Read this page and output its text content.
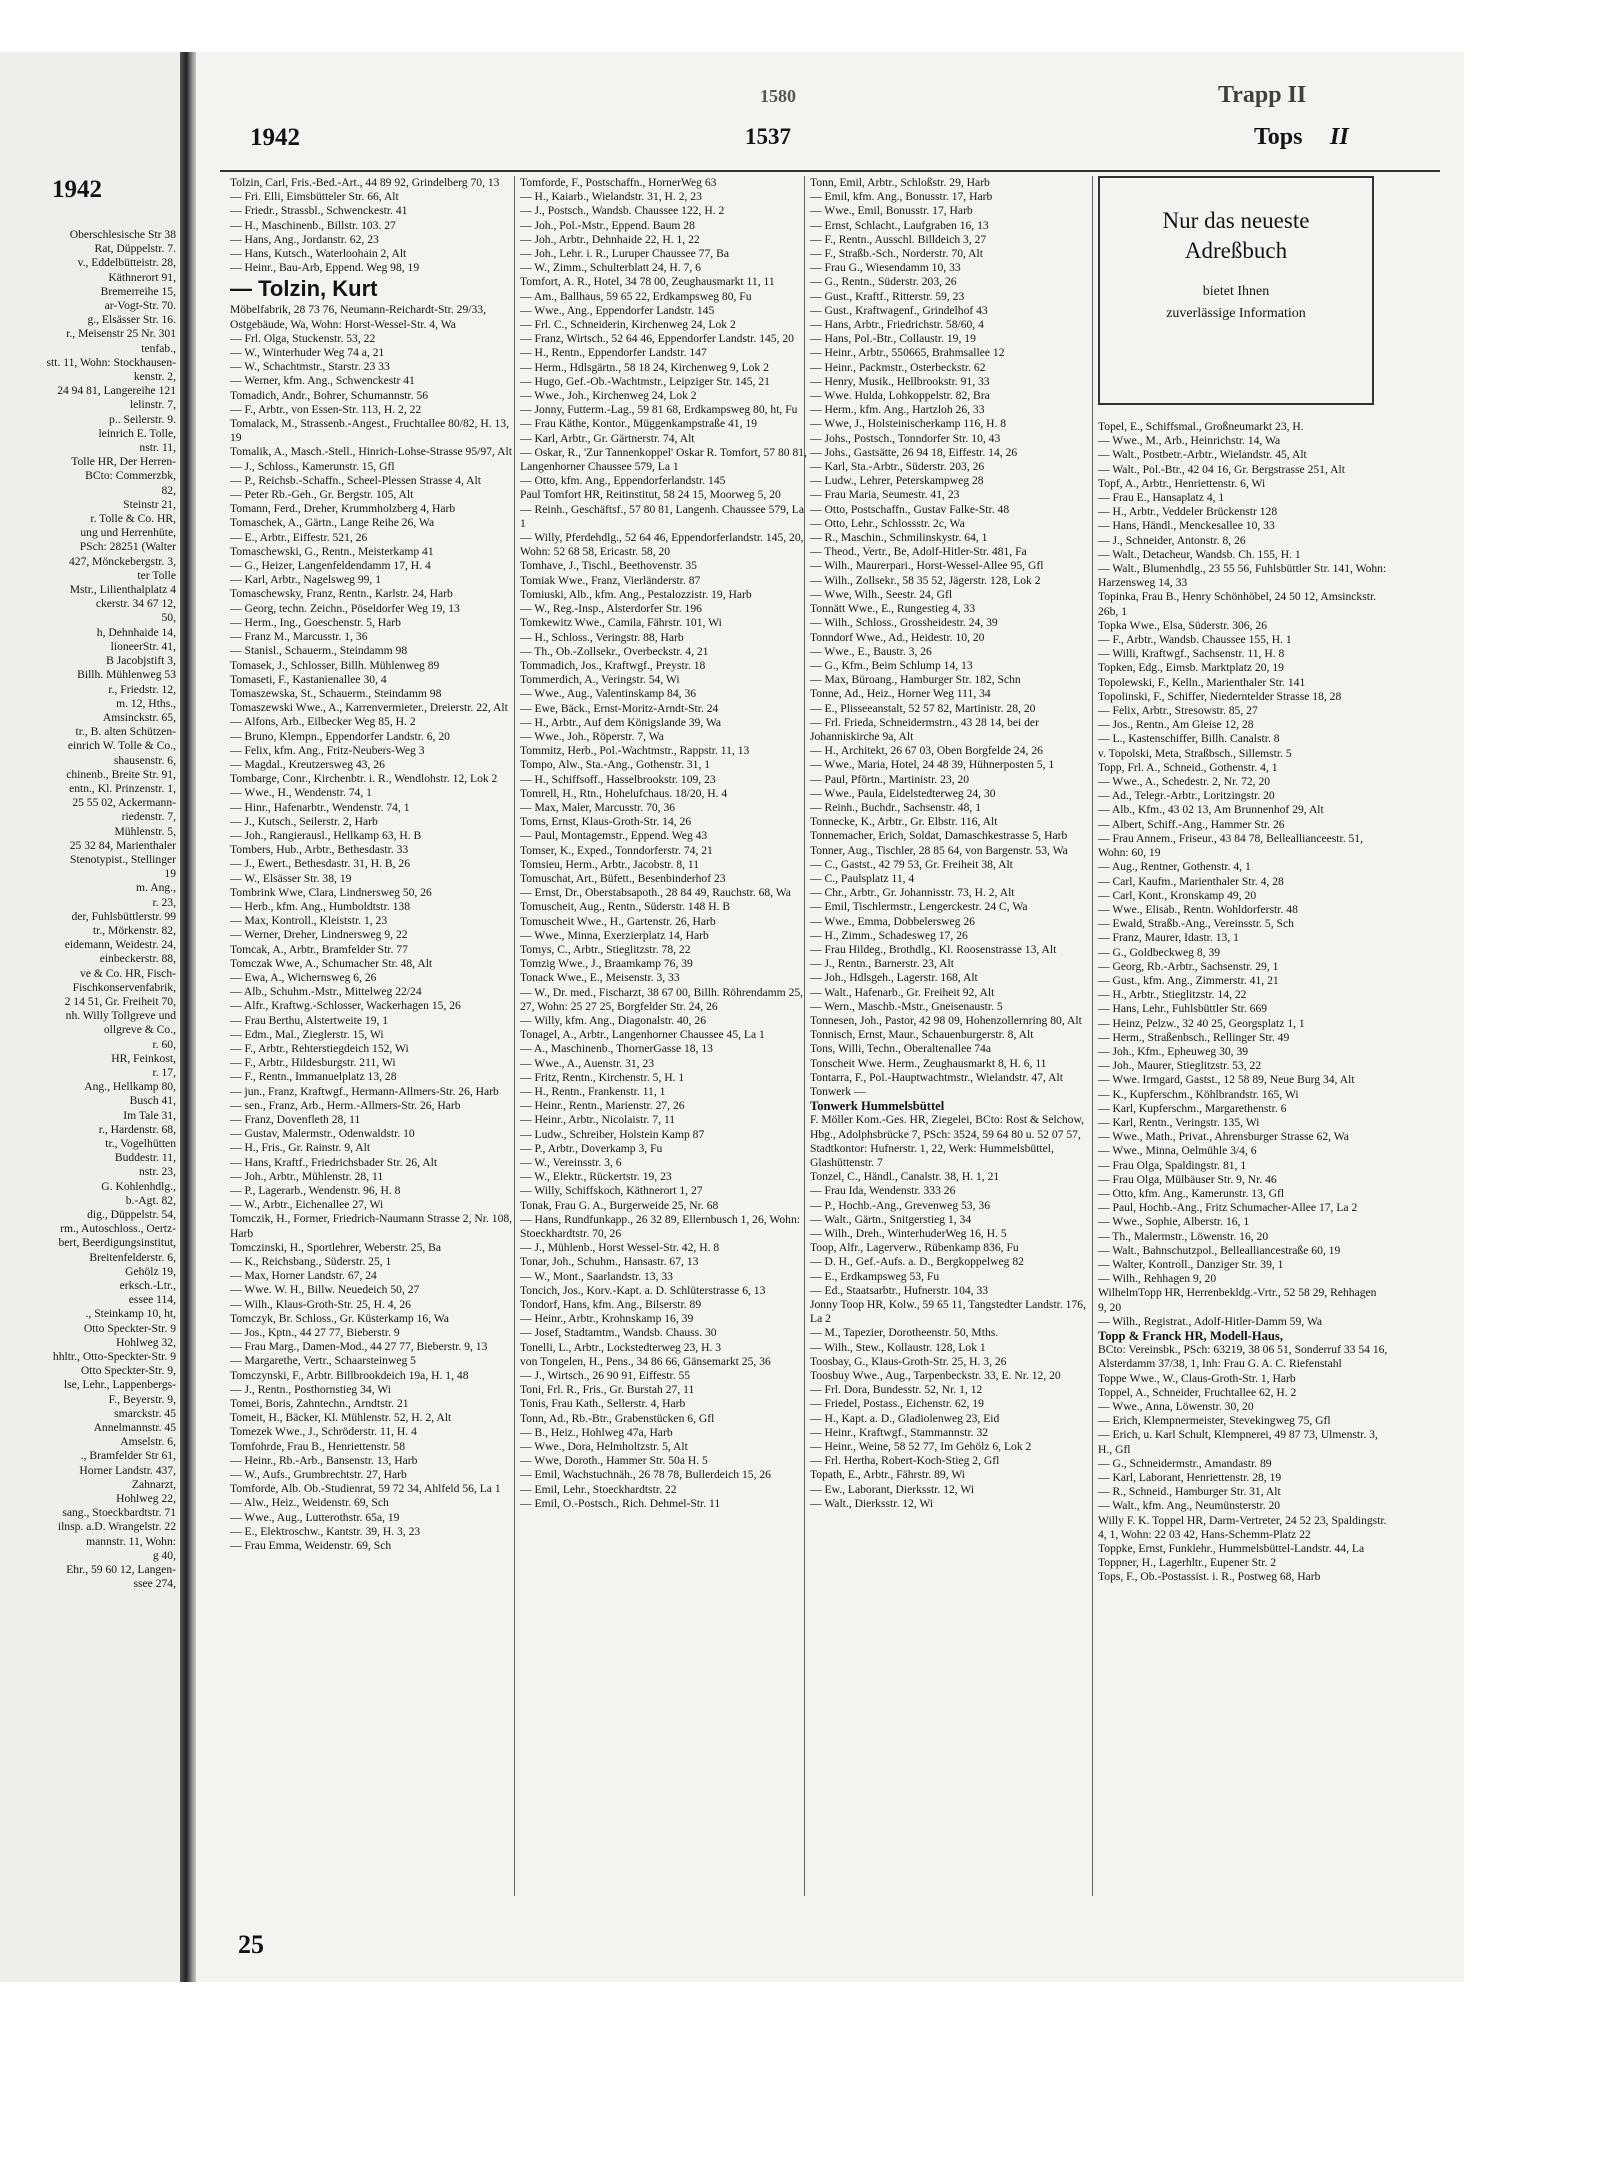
1942

Oberschlesische Str 38

Rat, Düppelstr. 7.

v., Eddelbütteistr. 28,

Käthnerort 91,

Bremerreihe 15,

ar-Vogt-Str. 70.

g., Elsässer Str. 16.

r., Meisenstr 25 Nr. 301

tenfab.,

stt. 11, Wohn: Stockhausen-

kenstr. 2,

24 94 81, Langereihe 121

lelinstr. 7,

p.. Seilerstr. 9.

leinrich E. Tolle,

nstr. 11,

Tolle HR, Der Herren-

BCto: Commerzbk,

82,

Steinstr 21,

r. Tolle & Co. HR,

ung und Herrenhüte,

PSch: 28251 (Walter

427, Mönckebergstr. 3,

ter Tolle

Mstr., Lilienthalplatz 4

ckerstr. 34 67 12,

50,

h, Dehnhaide 14,

lioneerStr. 41,

B Jacobjstift 3,

Billh. Mühlenweg 53

r., Friedstr. 12,

m. 12, Hths.,

Amsinckstr. 65,

tr., B. alten Schützen-

einrich W. Tolle & Co.,

shausenstr. 6,

chinenb., Breite Str. 91,

entn., Kl. Prinzenstr. 1,

25 55 02, Ackermann-

riedenstr. 7,

Mühlenstr. 5,

25 32 84, Marienthaler

Stenotypist., Stellinger

19

m. Ang.,

r. 23,

der, Fuhlsbüttlerstr. 99

tr., Mörkenstr. 82,

eidemann, Weidestr. 24,

einbeckerstr. 88,

ve & Co. HR, Fisch-

Fischkonservenfabrik,

2 14 51, Gr. Freiheit 70,

nh. Willy Tollgreve und

ollgreve & Co.,

r. 60,

HR, Feinkost,

r. 17,

Ang., Hellkamp 80,

Busch 41,

Im Tale 31,

r., Hardenstr. 68,

tr., Vogelhütten

Buddestr. 11,

nstr. 23,

G. Kohlenhdlg.,

b.-Agt. 82,

dig., Düppelstr. 54,

rm., Autoschloss., Oertz-

bert, Beerdigungsinstitut,

Breitenfelderstr. 6,

Gehölz 19,

erksch.-Ltr.,

essee 114,

., Steinkamp 10, ht,

Otto Speckter-Str. 9

Hohlweg 32,

hhltr., Otto-Speckter-Str. 9

Otto Speckter-Str. 9,

lse, Lehr., Lappenbergs-

F., Beyerstr. 9,

smarckstr. 45

Annelmannstr. 45

Amselstr. 6,

., Bramfelder Str 61,

Horner Landstr. 437,

Zahnarzt,

Hohlweg 22,

sang., Stoeckbardtstr. 71

ilnsp. a.D. Wrangelstr. 22

mannstr. 11, Wohn:

g 40,

Ehr., 59 60 12, Langen-

ssee 274,

1580	Trapp II
1942	1537	Tops II

Tolzin, Carl, Fris.-Bed.-Art., 44 89 92, Grindelberg 70, 13

— Fri. Elli, Eimsbütteler Str. 66, Alt

— Friedr., Strassbl., Schwenckestr. 41

— H., Maschinenb., Billstr. 103. 27

— Hans, Ang., Jordanstr. 62, 23

— Hans, Kutsch., Waterloohain 2, Alt

— Heinr., Bau-Arb, Eppend. Weg 98, 19

— Tolzin, Kurt

Möbelfabrik, 28 73 76, Neumann-Reichardt-Str. 29/33, Ostgebäude, Wa, Wohn: Horst-Wessel-Str. 4, Wa

— Frl. Olga, Stuckenstr. 53, 22

— W., Winterhuder Weg 74 a, 21

— W., Schachtmstr., Starstr. 23 33

— Werner, kfm. Ang., Schwenckestr 41

Tomadich, Andr., Bohrer, Schumannstr. 56

— F., Arbtr., von Essen-Str. 113, H. 2, 22

Tomalack, M., Strassenb.-Angest., Fruchtallee 80/82, H. 13, 19

Tomalik, A., Masch.-Stell., Hinrich-Lohse-Strasse 95/97, Alt

— J., Schloss., Kamerunstr. 15, Gfl

— P., Reichsb.-Schaffn., Scheel-Plessen Strasse 4, Alt

— Peter Rb.-Geh., Gr. Bergstr. 105, Alt

Tomann, Ferd., Dreher, Krummholzberg 4, Harb

Tomaschek, A., Gärtn., Lange Reihe 26, Wa

— E., Arbtr., Eiffestr. 521, 26

Tomaschewski, G., Rentn., Meisterkamp 41

— G., Heizer, Langenfeldendamm 17, H. 4

— Karl, Arbtr., Nagelsweg 99, 1

Tomaschewsky, Franz, Rentn., Karlstr. 24, Harb

— Georg, techn. Zeichn., Pöseldorfer Weg 19, 13

— Herm., Ing., Goeschenstr. 5, Harb

— Franz M., Marcusstr. 1, 36

— Stanisl., Schauerm., Steindamm 98

Tomasek, J., Schlosser, Billh. Mühlenweg 89

Tomaseti, F., Kastanienallee 30, 4

Tomaszewska, St., Schauerm., Steindamm 98

Tomaszewski Wwe., A., Karrenvermieter., Dreierstr. 22, Alt

— Alfons, Arb., Eilbecker Weg 85, H. 2

— Bruno, Klempn., Eppendorfer Landstr. 6, 20

— Felix, kfm. Ang., Fritz-Neubers-Weg 3

— Magdal., Kreutzersweg 43, 26

Tombarge, Conr., Kirchenbtr. i. R., Wendlohstr. 12, Lok 2

— Wwe., H., Wendenstr. 74, 1

— Hinr., Hafenarbtr., Wendenstr. 74, 1

— J., Kutsch., Seilerstr. 2, Harb

— Joh., Rangierausl., Hellkamp 63, H. B

Tombers, Hub., Arbtr., Bethesdastr. 33

— J., Ewert., Bethesdastr. 31, H. B, 26

— W., Elsässer Str. 38, 19

Tombrink Wwe, Clara, Lindnersweg 50, 26

— Herb., kfm. Ang., Humboldtstr. 138

— Max, Kontroll., Kleiststr. 1, 23

— Werner, Dreher, Lindnersweg 9, 22

Tomcak, A., Arbtr., Bramfelder Str. 77

Tomczak Wwe, A., Schumacher Str. 48, Alt

— Ewa, A., Wichernsweg 6, 26

— Alb., Schuhm.-Mstr., Mittelweg 22/24

— Alfr., Kraftwg.-Schlosser, Wackerhagen 15, 26

— Frau Berthu, Alstertweite 19, 1

— Edm., Mal., Zieglerstr. 15, Wi

— F., Arbtr., Rehterstiegdeich 152, Wi

— F., Arbtr., Hildesburgstr. 211, Wi

— F., Rentn., Immanuelplatz 13, 28

— jun., Franz, Kraftwgf., Hermann-Allmers-Str. 26, Harb

— sen., Franz, Arb., Herm.-Allmers-Str. 26, Harb

— Franz, Dovenfleth 28, 11

— Gustav, Malermstr., Odenwaldstr. 10

— H., Fris., Gr. Rainstr. 9, Alt

— Hans, Kraftf., Friedrichsbader Str. 26, Alt

— Joh., Arbtr., Mühlenstr. 28, 11

— P., Lagerarb., Wendenstr. 96, H. 8

— W., Arbtr., Eichenallee 27, Wi

Tomczik, H., Former, Friedrich-Naumann Strasse 2, Nr. 108, Harb

Tomczinski, H., Sportlehrer, Weberstr. 25, Ba

— K., Reichsbang., Süderstr. 25, 1

— Max, Horner Landstr. 67, 24

— Wwe. W. H., Billw. Neuedeich 50, 27

— Wilh., Klaus-Groth-Str. 25, H. 4, 26

Tomczyk, Br. Schloss., Gr. Küsterkamp 16, Wa

— Jos., Kptn., 44 27 77, Bieberstr. 9

— Frau Marg., Damen-Mod., 44 27 77, Bieberstr. 9, 13

— Margarethe, Vertr., Schaarsteinweg 5

Tomczynski, F., Arbtr. Billbrookdeich 19a, H. 1, 48

— J., Rentn., Posthornstieg 34, Wi

Tomei, Boris, Zahntechn., Arndtstr. 21

Tomeit, H., Bäcker, Kl. Mühlenstr. 52, H. 2, Alt

Tomezek Wwe., J., Schröderstr. 11, H. 4

Tomfohrde, Frau B., Henriettenstr. 58

— Heinr., Rb.-Arb., Bansenstr. 13, Harb

— W., Aufs., Grumbrechtstr. 27, Harb

Tomforde, Alb. Ob.-Studienrat, 59 72 34, Ahlfeld 56, La 1

— Alw., Heiz., Weidenstr. 69, Sch

— Wwe., Aug., Lutterothstr. 65a, 19

— E., Elektroschw., Kantstr. 39, H. 3, 23

— Frau Emma, Weidenstr. 69, Sch

Tomforde, F., Postschaffn., HornerWeg 63

— H., Kaiarb., Wielandstr. 31, H. 2, 23

— J., Postsch., Wandsb. Chaussee 122, H. 2

— Joh., Pol.-Mstr., Eppend. Baum 28

— Joh., Arbtr., Dehnhaide 22, H. 1, 22

— Joh., Lehr. i. R., Luruper Chaussee 77, Ba

— W., Zimm., Schulterblatt 24, H. 7, 6

Tomfort, A. R., Hotel, 34 78 00, Zeughausmarkt 11, 11

— Am., Ballhaus, 59 65 22, Erdkampsweg 80, Fu

— Wwe., Ang., Eppendorfer Landstr. 145

— Frl. C., Schneiderin, Kirchenweg 24, Lok 2

— Franz, Wirtsch., 52 64 46, Eppendorfer Landstr. 145, 20

— H., Rentn., Eppendorfer Landstr. 147

— Herm., Hdlsgärtn., 58 18 24, Kirchenweg 9, Lok 2

— Hugo, Gef.-Ob.-Wachtmstr., Leipziger Str. 145, 21

— Wwe., Joh., Kirchenweg 24, Lok 2

— Jonny, Futterm.-Lag., 59 81 68, Erdkampsweg 80, ht, Fu

— Frau Käthe, Kontor., Müggenkampstraße 41, 19

— Karl, Arbtr., Gr. Gärtnerstr. 74, Alt

— Oskar, R., 'Zur Tannenkoppel' Oskar R. Tomfort, 57 80 81, Langenhorner Chaussee 579, La 1

— Otto, kfm. Ang., Eppendorferlandstr. 145

Paul Tomfort HR, Reitinstitut, 58 24 15, Moorweg 5, 20

— Reinh., Geschäftsf., 57 80 81, Langenh. Chaussee 579, La 1

— Willy, Pferdehdlg., 52 64 46, Eppendorferlandstr. 145, 20, Wohn: 52 68 58, Ericastr. 58, 20

Tomhave, J., Tischl., Beethovenstr. 35

Tomiak Wwe., Franz, Vierländerstr. 87

Tomiuski, Alb., kfm. Ang., Pestalozzistr. 19, Harb

— W., Reg.-Insp., Alsterdorfer Str. 196

Tomkewitz Wwe., Camila, Fährstr. 101, Wi

— H., Schloss., Veringstr. 88, Harb

— Th., Ob.-Zollsekr., Overbeckstr. 4, 21

Tommadich, Jos., Kraftwgf., Preystr. 18

Tommerdich, A., Veringstr. 54, Wi

— Wwe., Aug., Valentinskamp 84, 36

— Ewe, Bäck., Ernst-Moritz-Arndt-Str. 24

— H., Arbtr., Auf dem Königslande 39, Wa

— Wwe., Joh., Röperstr. 7, Wa

Tommitz, Herb., Pol.-Wachtmstr., Rappstr. 11, 13

Tompo, Alw., Sta.-Ang., Gothenstr. 31, 1

— H., Schiffsoff., Hasselbrookstr. 109, 23

Tomrell, H., Rtn., Hohelufchaus. 18/20, H. 4

— Max, Maler, Marcusstr. 70, 36

Toms, Ernst, Klaus-Groth-Str. 14, 26

— Paul, Montagemstr., Eppend. Weg 43

Tomser, K., Exped., Tonndorferstr. 74, 21

Tomsieu, Herm., Arbtr., Jacobstr. 8, 11

Tomuschat, Art., Büfett., Besenbinderhof 23

— Ernst, Dr., Oberstabsapoth., 28 84 49, Rauchstr. 68, Wa

Tomuscheit, Aug., Rentn., Süderstr. 148 H. B

Tomuscheit Wwe., H., Gartenstr. 26, Harb

— Wwe., Minna, Exerzierplatz 14, Harb

Tomys, C., Arbtr., Stieglitzstr. 78, 22

Tomzig Wwe., J., Braamkamp 76, 39

Tonack Wwe., E., Meisenstr. 3, 33

— W., Dr. med., Fischarzt, 38 67 00, Billh. Röhrendamm 25, 27, Wohn: 25 27 25, Borgfelder Str. 24, 26

— Willy, kfm. Ang., Diagonalstr. 40, 26

Tonagel, A., Arbtr., Langenhorner Chaussee 45, La 1

— A., Maschinenb., ThornerGasse 18, 13

— Wwe., A., Auenstr. 31, 23

— Fritz, Rentn., Kirchenstr. 5, H. 1

— H., Rentn., Frankenstr. 11, 1

— Heinr., Rentn., Marienstr. 27, 26

— Heinr., Arbtr., Nicolaistr. 7, 11

— Ludw., Schreiber, Holstein Kamp 87

— P., Arbtr., Doverkamp 3, Fu

— W., Vereinsstr. 3, 6

— W., Elektr., Rückertstr. 19, 23

— Willy, Schiffskoch, Käthnerort 1, 27

Tonak, Frau G. A., Burgerweide 25, Nr. 68

— Hans, Rundfunkapp., 26 32 89, Ellernbusch 1, 26, Wohn: Stoeckhardtstr. 70, 26

— J., Mühlenb., Horst Wessel-Str. 42, H. 8

Tonar, Joh., Schuhm., Hansastr. 67, 13

— W., Mont., Saarlandstr. 13, 33

Toncich, Jos., Korv.-Kapt. a. D. Schlüterstrasse 6, 13

Tondorf, Hans, kfm. Ang., Bilserstr. 89

— Heinr., Arbtr., Krohnskamp 16, 39

— Josef, Stadtamtm., Wandsb. Chauss. 30

Tonelli, L., Arbtr., Lockstedterweg 23, H. 3

von Tongelen, H., Pens., 34 86 66, Gänsemarkt 25, 36

— J., Wirtsch., 26 90 91, Eiffestr. 55

Toni, Frl. R., Fris., Gr. Burstah 27, 11

Tonis, Frau Kath., Sellerstr. 4, Harb

Tonn, Ad., Rb.-Btr., Grabenstücken 6, Gfl

— B., Heiz., Hohlweg 47a, Harb

— Wwe., Dora, Helmholtzstr. 5, Alt

— Wwe, Doroth., Hammer Str. 50a H. 5

— Emil, Wachstuchnäh., 26 78 78, Bullerdeich 15, 26

— Emil, Lehr., Stoeckhardtstr. 22

— Emil, O.-Postsch., Rich. Dehmel-Str. 11

Tonn, Emil, Arbtr., Schloßstr. 29, Harb

— Emil, kfm. Ang., Bonusstr. 17, Harb

— Wwe., Emil, Bonusstr. 17, Harb

— Ernst, Schlacht., Laufgraben 16, 13

— F., Rentn., Ausschl. Billdeich 3, 27

— F., Straßb.-Sch., Norderstr. 70, Alt

— Frau G., Wiesendamm 10, 33

— G., Rentn., Süderstr. 203, 26

— Gust., Kraftf., Ritterstr. 59, 23

— Gust., Kraftwagenf., Grindelhof 43

— Hans, Arbtr., Friedrichstr. 58/60, 4

— Hans, Pol.-Btr., Collaustr. 19, 19

— Heinr., Arbtr., 550665, Brahmsallee 12

— Heinr., Packmstr., Osterbeckstr. 62

— Henry, Musik., Hellbrookstr. 91, 33

— Wwe. Hulda, Lohkoppelstr. 82, Bra

— Herm., kfm. Ang., Hartzloh 26, 33

— Wwe, J., Holsteinischerkamp 116, H. 8

— Johs., Postsch., Tonndorfer Str. 10, 43

— Johs., Gastsätte, 26 94 18, Eiffestr. 14, 26

— Karl, Sta.-Arbtr., Süderstr. 203, 26

— Ludw., Lehrer, Peterskampweg 28

— Frau Maria, Seumestr. 41, 23

— Otto, Postschaffn., Gustav Falke-Str. 48

— Otto, Lehr., Schlossstr. 2c, Wa

— R., Maschin., Schmilinskystr. 64, 1

— Theod., Vertr., Be, Adolf-Hitler-Str. 481, Fa

— Wilh., Maurerpari., Horst-Wessel-Allee 95, Gfl

— Wilh., Zollsekr., 58 35 52, Jägerstr. 128, Lok 2

— Wwe, Wilh., Seestr. 24, Gfl

Tonnätt Wwe., E., Rungestieg 4, 33

— Wilh., Schloss., Grossheidestr. 24, 39

Tonndorf Wwe., Ad., Heidestr. 10, 20

— Wwe., E., Baustr. 3, 26

— G., Kfm., Beim Schlump 14, 13

— Max, Büroang., Hamburger Str. 182, Schn

Tonne, Ad., Heiz., Horner Weg 111, 34

— E., Plisseeanstalt, 52 57 82, Martinistr. 28, 20

— Frl. Frieda, Schneidermstrn., 43 28 14, bei der Johanniskirche 9a, Alt

— H., Architekt, 26 67 03, Oben Borgfelde 24, 26

— Wwe., Maria, Hotel, 24 48 39, Hühnerposten 5, 1

— Paul, Pförtn., Martinistr. 23, 20

— Wwe., Paula, Eidelstedterweg 24, 30

— Reinh., Buchdr., Sachsenstr. 48, 1

Tonnecke, K., Arbtr., Gr. Elbstr. 116, Alt

Tonnemacher, Erich, Soldat, Damaschkestrasse 5, Harb

Tonner, Aug., Tischler, 28 85 64, von Bargenstr. 53, Wa

— C., Gastst., 42 79 53, Gr. Freiheit 38, Alt

— C., Paulsplatz 11, 4

— Chr., Arbtr., Gr. Johannisstr. 73, H. 2, Alt

— Emil, Tischlermstr., Lengerckestr. 24 C, Wa

— Wwe., Emma, Dobbelersweg 26

— H., Zimm., Schadesweg 17, 26

— Frau Hildeg., Brothdlg., Kl. Roosenstrasse 13, Alt

— J., Rentn., Barnerstr. 23, Alt

— Joh., Hdlsgeh., Lagerstr. 168, Alt

— Walt., Hafenarb., Gr. Freiheit 92, Alt

— Wern., Maschb.-Mstr., Gneisenaustr. 5

Tonnesen, Joh., Pastor, 42 98 09, Hohenzollernring 80, Alt

Tonnisch, Ernst, Maur., Schauenburgerstr. 8, Alt

Tons, Willi, Techn., Oberaltenallee 74a

Tonscheit Wwe. Herm., Zeughausmarkt 8, H. 6, 11

Tontarra, F., Pol.-Hauptwachtmstr., Wielandstr. 47, Alt

Tonwerk —

Tonwerk Hummelsbüttel

F. Möller Kom.-Ges. HR, Ziegelei, BCto: Rost & Selchow, Hbg., Adolphsbrücke 7, PSch: 3524, 59 64 80 u. 52 07 57, Stadtkontor: Hufnerstr. 1, 22, Werk: Hummelsbüttel, Glashüttenstr. 7

Tonzel, C., Händl., Canalstr. 38, H. 1, 21

— Frau Ida, Wendenstr. 333 26

— P., Hochb.-Ang., Grevenweg 53, 36

— Walt., Gärtn., Snitgerstieg 1, 34

— Wilh., Dreh., WinterhuderWeg 16, H. 5

Toop, Alfr., Lagerverw., Rübenkamp 836, Fu

— D. H., Gef.-Aufs. a. D., Bergkoppelweg 82

— E., Erdkampsweg 53, Fu

— Ed., Staatsarbtr., Hufnerstr. 104, 33

Jonny Toop HR, Kolw., 59 65 11, Tangstedter Landstr. 176, La 2

— M., Tapezier, Dorotheenstr. 50, Mths.

— Wilh., Stew., Kollaustr. 128, Lok 1

Toosbay, G., Klaus-Groth-Str. 25, H. 3, 26

Toosbuy Wwe., Aug., Tarpenbeckstr. 33, E. Nr. 12, 20

— Frl. Dora, Bundesstr. 52, Nr. 1, 12

— Friedel, Postass., Eichenstr. 62, 19

— H., Kapt. a. D., Gladiolenweg 23, Eid

— Heinr., Kraftwgf., Stammannstr. 32

— Heinr., Weine, 58 52 77, Im Gehölz 6, Lok 2

— Frl. Hertha, Robert-Koch-Stieg 2, Gfl

Topath, E., Arbtr., Fährstr. 89, Wi

— Ew., Laborant, Dierksstr. 12, Wi

— Walt., Dierksstr. 12, Wi

Nur das neueste
Adreßbuch
bietet Ihnen
zuverlässige Information

Topel, E., Schiffsmal., Großneumarkt 23, H.

— Wwe., M., Arb., Heinrichstr. 14, Wa

— Walt., Postbetr.-Arbtr., Wielandstr. 45, Alt

— Walt., Pol.-Btr., 42 04 16, Gr. Bergstrasse 251, Alt

Topf, A., Arbtr., Henriettenstr. 6, Wi

— Frau E., Hansaplatz 4, 1

— H., Arbtr., Veddeler Brückenstr 128

— Hans, Händl., Menckesallee 10, 33

— J., Schneider, Antonstr. 8, 26

— Walt., Detacheur, Wandsb. Ch. 155, H. 1

— Walt., Blumenhdlg., 23 55 56, Fuhlsbüttler Str. 141, Wohn: Harzensweg 14, 33

Topinka, Frau B., Henry Schönhöbel, 24 50 12, Amsinckstr. 26b, 1

Topka Wwe., Elsa, Süderstr. 306, 26

— F., Arbtr., Wandsb. Chaussee 155, H. 1

— Willi, Kraftwgf., Sachsenstr. 11, H. 8

Topken, Edg., Eimsb. Marktplatz 20, 19

Topolewski, F., Kelln., Marienthaler Str. 141

Topolinski, F., Schiffer, Niederntelder Strasse 18, 28

— Felix, Arbtr., Stresowstr. 85, 27

— Jos., Rentn., Am Gleise 12, 28

— L., Kastenschiffer, Billh. Canalstr. 8

v. Topolski, Meta, Straßbsch., Sillemstr. 5

Topp, Frl. A., Schneid., Gothenstr. 4, 1

— Wwe., A., Schedestr. 2, Nr. 72, 20

— Ad., Telegr.-Arbtr., Loritzingstr. 20

— Alb., Kfm., 43 02 13, Am Brunnenhof 29, Alt

— Albert, Schiff.-Ang., Hammer Str. 26

— Frau Annem., Friseur., 43 84 78, Belleallianceestr. 51, Wohn: 60, 19

— Aug., Rentner, Gothenstr. 4, 1

— Carl, Kaufm., Marienthaler Str. 4, 28

— Carl, Kont., Kronskamp 49, 20

— Wwe., Elisab., Rentn. Wohldorferstr. 48

— Ewald, Straßb.-Ang., Vereinsstr. 5, Sch

— Franz, Maurer, Idastr. 13, 1

— G., Goldbeckweg 8, 39

— Georg, Rb.-Arbtr., Sachsenstr. 29, 1

— Gust., kfm. Ang., Zimmerstr. 41, 21

— H., Arbtr., Stieglitzstr. 14, 22

— Hans, Lehr., Fuhlsbüttler Str. 669

— Heinz, Pelzw., 32 40 25, Georgsplatz 1, 1

— Herm., Straßenbsch., Rellinger Str. 49

— Joh., Kfm., Epheuweg 30, 39

— Joh., Maurer, Stieglitzstr. 53, 22

— Wwe. Irmgard, Gastst., 12 58 89, Neue Burg 34, Alt

— K., Kupferschm., Köhlbrandstr. 165, Wi

— Karl, Kupferschm., Margarethenstr. 6

— Karl, Rentn., Veringstr. 135, Wi

— Wwe., Math., Privat., Ahrensburger Strasse 62, Wa

— Wwe., Minna, Oelmühle 3/4, 6

— Frau Olga, Spaldingstr. 81, 1

— Frau Olga, Mülbäuser Str. 9, Nr. 46

— Otto, kfm. Ang., Kamerunstr. 13, Gfl

— Paul, Hochb.-Ang., Fritz Schumacher-Allee 17, La 2

— Wwe., Sophie, Alberstr. 16, 1

— Th., Malermstr., Löwenstr. 16, 20

— Walt., Bahnschutzpol., Bellealliancestraße 60, 19

— Walter, Kontroll., Danziger Str. 39, 1

— Wilh., Rehhagen 9, 20

WilhelmTopp HR, Herrenbekldg.-Vrtr., 52 58 29, Rehhagen 9, 20

— Wilh., Registrat., Adolf-Hitler-Damm 59, Wa

Topp & Franck HR, Modell-Haus,

BCto: Vereinsbk., PSch: 63219, 38 06 51, Sonderruf 33 54 16, Alsterdamm 37/38, 1, Inh: Frau G. A. C. Riefenstahl

Toppe Wwe., W., Claus-Groth-Str. 1, Harb

Toppel, A., Schneider, Fruchtallee 62, H. 2

— Wwe., Anna, Löwenstr. 30, 20

— Erich, Klempnermeister, Stevekingweg 75, Gfl

— Erich, u. Karl Schult, Klempnerei, 49 87 73, Ulmenstr. 3, H., Gfl

— G., Schneidermstr., Amandastr. 89

— Karl, Laborant, Henriettenstr. 28, 19

— R., Schneid., Hamburger Str. 31, Alt

— Walt., kfm. Ang., Neumünsterstr. 20

Willy F. K. Toppel HR, Darm-Vertreter, 24 52 23, Spaldingstr. 4, 1, Wohn: 22 03 42, Hans-Schemm-Platz 22

Toppke, Ernst, Funklehr., Hummelsbüttel-Landstr. 44, La

Toppner, H., Lagerhltr., Eupener Str. 2

Tops, F., Ob.-Postassist. i. R., Postweg 68, Harb

25
